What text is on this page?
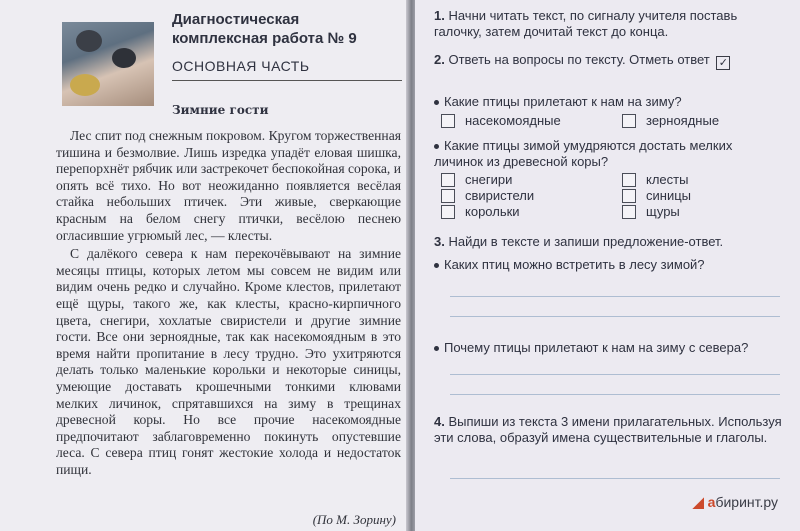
Диагностическая
комплексная работа № 9
ОСНОВНАЯ ЧАСТЬ
Зимние гости

Лес спит под снежным покровом. Кругом торжественная тишина и безмолвие. Лишь изредка упадёт еловая шишка, перепорхнёт рябчик или застрекочет беспокойная сорока, и опять всё тихо. Но вот неожиданно появляется весёлая стайка небольших птичек. Эти живые, сверкающие красным на белом снегу птички, весёлою песнею огласившие угрюмый лес, — клесты.

С далёкого севера к нам перекочёвывают на зимние месяцы птицы, которых летом мы совсем не видим или видим очень редко и случайно. Кроме клестов, прилетают ещё щуры, такого же, как клесты, красно-кирпичного цвета, снегири, хохлатые свиристели и другие зимние гости. Все они зерноядные, так как насекомоядным в это время найти пропитание в лесу трудно. Это ухитряются делать только маленькие корольки и некоторые синицы, умеющие доставать крошечными тонкими клювами мелких личинок, спрятавшихся на зиму в трещинах древесной коры. Но все прочие насекомоядные предпочитают заблаговременно покинуть опустевшие леса. С севера птиц гонят жестокие холода и недостаток пищи.

(По М. Зорину)
1. Начни читать текст, по сигналу учителя поставь галочку, затем дочитай текст до конца.
2. Ответь на вопросы по тексту. Отметь ответ ✓
Какие птицы прилетают к нам на зиму?
насекомоядные	зерноядные
Какие птицы зимой умудряются достать мелких личинок из древесной коры?
снегири
свиристели
корольки
клесты
синицы
щуры
3. Найди в тексте и запиши предложение-ответ.
Каких птиц можно встретить в лесу зимой?
Почему птицы прилетают к нам на зиму с севера?
4. Выпиши из текста 3 имени прилагательных. Используя эти слова, образуй имена существительные и глаголы.
◢ абиринт.ру
